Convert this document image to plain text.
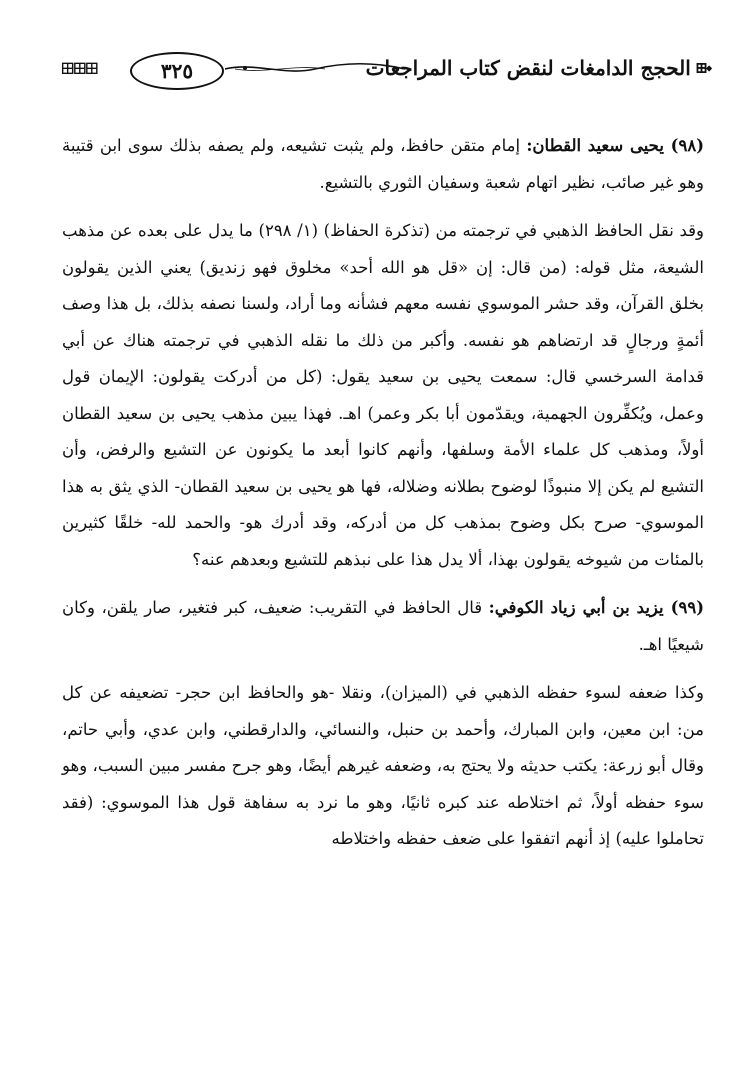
⬩⊞
الحجج الدامغات لنقض كتاب المراجعات
٣٢٥
⊞⊞⊞

(٩٨) يحيى سعيد القطان: إمام متقن حافظ، ولم يثبت تشيعه، ولم يصفه بذلك سوى ابن قتيبة وهو غير صائب، نظير اتهام شعبة وسفيان الثوري بالتشيع.

وقد نقل الحافظ الذهبي في ترجمته من (تذكرة الحفاظ) (١/ ٢٩٨) ما يدل على بعده عن مذهب الشيعة، مثل قوله: (من قال: إن «قل هو الله أحد» مخلوق فهو زنديق) يعني الذين يقولون بخلق القرآن، وقد حشر الموسوي نفسه معهم فشأنه وما أراد، ولسنا نصفه بذلك، بل هذا وصف أئمةٍ ورجالٍ قد ارتضاهم هو نفسه. وأكبر من ذلك ما نقله الذهبي في ترجمته هناك عن أبي قدامة السرخسي قال: سمعت يحيى بن سعيد يقول: (كل من أدركت يقولون: الإيمان قول وعمل، ويُكفِّرون الجهمية، ويقدّمون أبا بكر وعمر) اهـ. فهذا يبين مذهب يحيى بن سعيد القطان أولاً، ومذهب كل علماء الأمة وسلفها، وأنهم كانوا أبعد ما يكونون عن التشيع والرفض، وأن التشيع لم يكن إلا منبوذًا لوضوح بطلانه وضلاله، فها هو يحيى بن سعيد القطان- الذي يثق به هذا الموسوي- صرح بكل وضوح بمذهب كل من أدركه، وقد أدرك هو- والحمد لله- خلقًا كثيرين بالمئات من شيوخه يقولون بهذا، ألا يدل هذا على نبذهم للتشيع وبعدهم عنه؟

(٩٩) يزيد بن أبي زياد الكوفي: قال الحافظ في التقريب: ضعيف، كبر فتغير، صار يلقن، وكان شيعيًا اهـ.

وكذا ضعفه لسوء حفظه الذهبي في (الميزان)، ونقلا -هو والحافظ ابن حجر- تضعيفه عن كل من: ابن معين، وابن المبارك، وأحمد بن حنبل، والنسائي، والدارقطني، وابن عدي، وأبي حاتم، وقال أبو زرعة: يكتب حديثه ولا يحتج به، وضعفه غيرهم أيضًا، وهو جرح مفسر مبين السبب، وهو سوء حفظه أولاً، ثم اختلاطه عند كبره ثانيًا، وهو ما نرد به سفاهة قول هذا الموسوي: (فقد تحاملوا عليه) إذ أنهم اتفقوا على ضعف حفظه واختلاطه
